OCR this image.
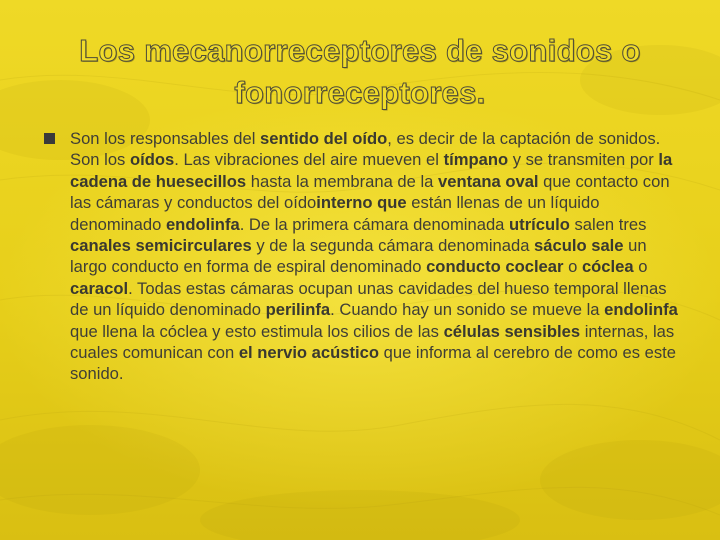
Los mecanorreceptores de sonidos o
fonorreceptores.
Son los responsables del sentido del oído, es decir de la captación de sonidos. Son los oídos. Las vibraciones del aire mueven el tímpano y se transmiten por la cadena de huesecillos hasta la membrana de la ventana oval que contacto con las cámaras y conductos del oídointerno que están llenas de un líquido denominado endolinfa. De la primera cámara denominada utrículo salen tres canales semicirculares y de la segunda cámara denominada sáculo sale un largo conducto en forma de espiral denominado conducto coclear o cóclea o caracol. Todas estas cámaras ocupan unas cavidades del hueso temporal llenas de un líquido denominado perilinfa. Cuando hay un sonido se mueve la endolinfa que llena la cóclea y esto estimula los cilios de las células sensibles internas, las cuales comunican con el nervio acústico que informa al cerebro de como es este sonido.
